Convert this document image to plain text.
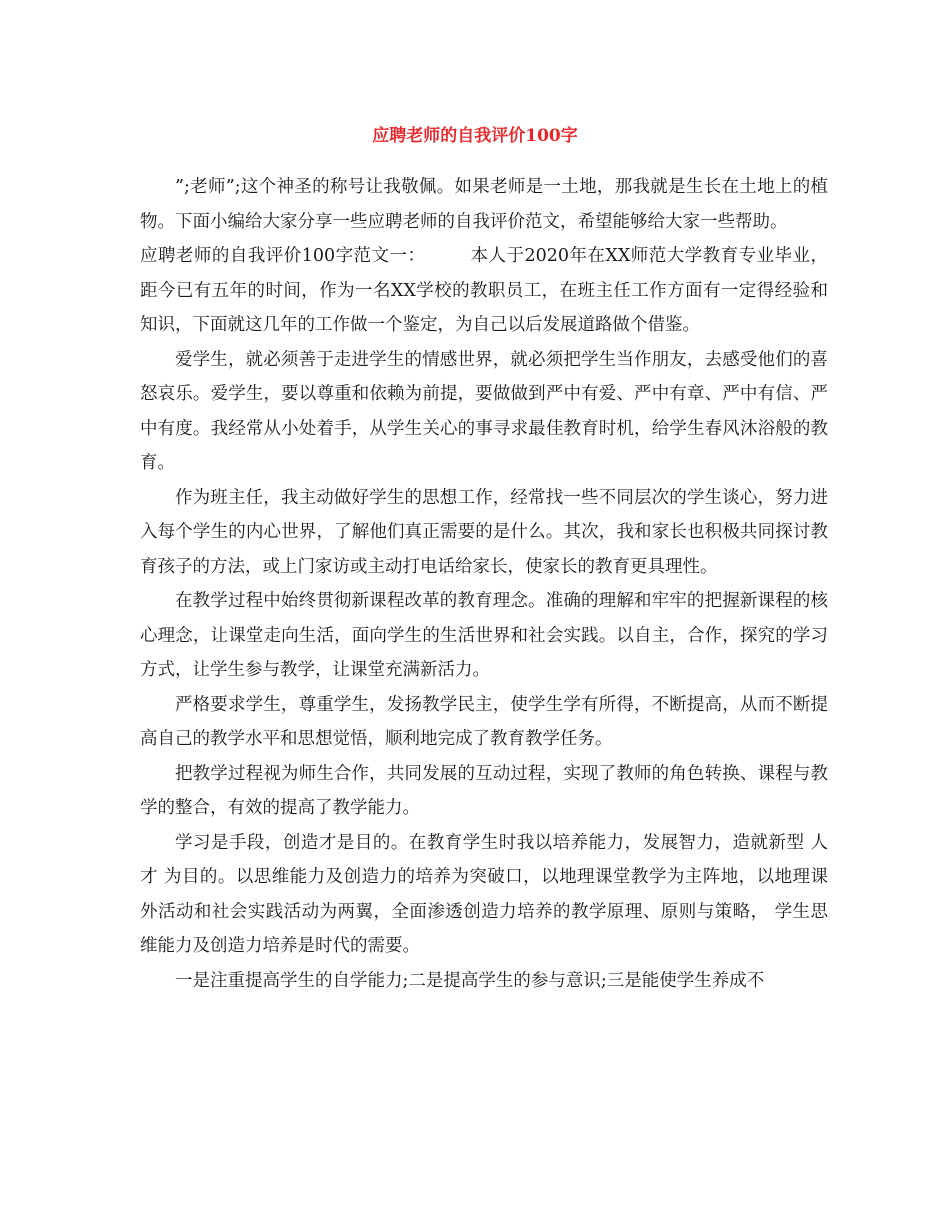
应聘老师的自我评价100字

”;老师”;这个神圣的称号让我敬佩。如果老师是一土地，那我就是生长在土地上的植物。下面小编给大家分享一些应聘老师的自我评价范文，希望能够给大家一些帮助。

应聘老师的自我评价100字范文一：　　　本人于2020年在XX师范大学教育专业毕业，距今已有五年的时间，作为一名XX学校的教职员工，在班主任工作方面有一定得经验和知识，下面就这几年的工作做一个鉴定，为自己以后发展道路做个借鉴。

爱学生，就必须善于走进学生的情感世界，就必须把学生当作朋友，去感受他们的喜怒哀乐。爱学生，要以尊重和依赖为前提，要做做到严中有爱、严中有章、严中有信、严中有度。我经常从小处着手，从学生关心的事寻求最佳教育时机，给学生春风沐浴般的教育。

作为班主任，我主动做好学生的思想工作，经常找一些不同层次的学生谈心，努力进入每个学生的内心世界，了解他们真正需要的是什么。其次，我和家长也积极共同探讨教育孩子的方法，或上门家访或主动打电话给家长，使家长的教育更具理性。

在教学过程中始终贯彻新课程改革的教育理念。准确的理解和牢牢的把握新课程的核心理念，让课堂走向生活，面向学生的生活世界和社会实践。以自主，合作，探究的学习方式，让学生参与教学，让课堂充满新活力。

严格要求学生，尊重学生，发扬教学民主，使学生学有所得，不断提高，从而不断提高自己的教学水平和思想觉悟，顺利地完成了教育教学任务。

把教学过程视为师生合作，共同发展的互动过程，实现了教师的角色转换、课程与教学的整合，有效的提高了教学能力。

学习是手段，创造才是目的。在教育学生时我以培养能力，发展智力，造就新型 人才 为目的。以思维能力及创造力的培养为突破口，以地理课堂教学为主阵地，以地理课外活动和社会实践活动为两翼，全面渗透创造力培养的教学原理、原则与策略， 学生思维能力及创造力培养是时代的需要。

一是注重提高学生的自学能力;二是提高学生的参与意识;三是能使学生养成不
